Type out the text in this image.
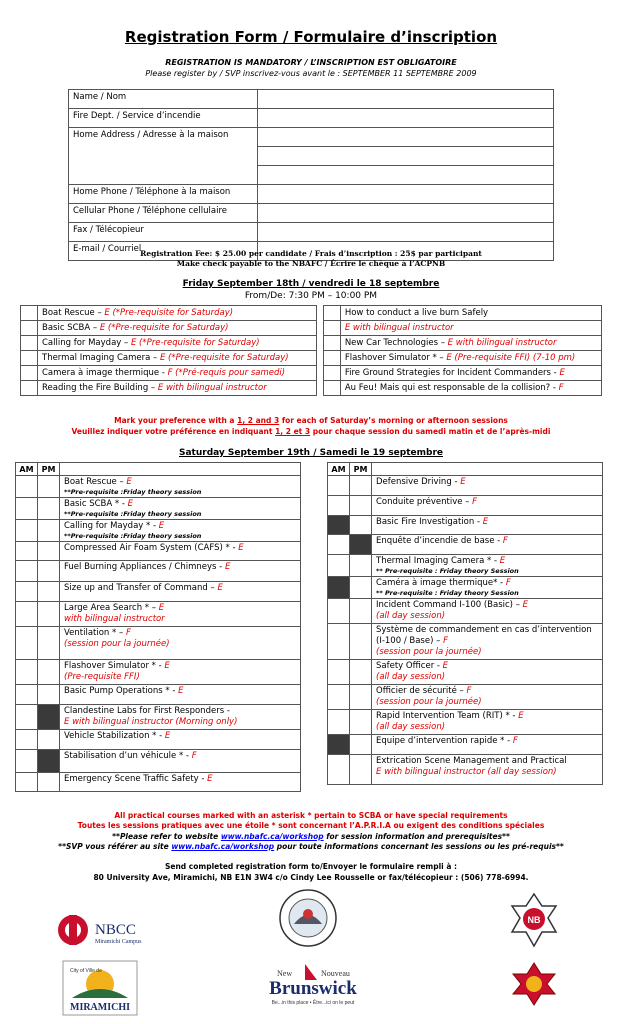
Registration Form / Formulaire d’inscription
REGISTRATION IS MANDATORY / L’INSCRIPTION EST OBLIGATOIRE
Please register by / SVP inscrivez-vous avant le : SEPTEMBER 11 SEPTEMBRE 2009
Name / Nom	
Fire Dept. / Service d’incendie	
Home Address / Adresse à la maison	

Home Phone / Téléphone à la maison	
Cellular Phone / Téléphone cellulaire	
Fax / Télécopieur	
E-mail / Courriel	
Registration Fee: $ 25.00 per candidate / Frais d’inscription : 25$ par participant
Make check payable to the NBAFC / Écrire le chèque à l’ACPNB
Friday September 18th / vendredi le 18 septembre
From/De: 7:30 PM – 10:00 PM
	Boat Rescue – E (*Pre-requisite for Saturday)			How to conduct a live burn Safely
	Basic SCBA – E (*Pre-requisite for Saturday)			E with bilingual instructor
	Calling for Mayday – E (*Pre-requisite for Saturday)			New Car Technologies – E with bilingual instructor
	Thermal Imaging Camera – E (*Pre-requisite for Saturday)			Flashover Simulator * – E (Pre-requisite FFI) (7-10 pm)
	Camera à image thermique - F (*Pré-requis pour samedi)			Fire Ground Strategies for Incident Commanders - E
	Reading the Fire Building – E with bilingual instructor			Au Feu! Mais qui est responsable de la collision? - F
Mark your preference with a 1, 2 and 3 for each of Saturday’s morning or afternoon sessions
Veuillez indiquer votre préférence en indiquant 1, 2 et 3 pour chaque session du samedi matin et de l’après-midi
Saturday September 19th / Samedi le 19 septembre
AM	PM	
		Boat Rescue – E
**Pre-requisite :Friday theory session

		Basic SCBA * - E
**Pre-requisite :Friday theory session

		Calling for Mayday * - E
**Pre-requisite :Friday theory session

		Compressed Air Foam System (CAFS) * - E
		Fuel Burning Appliances / Chimneys - E
		Size up and Transfer of Command – E
		Large Area Search * – E
with bilingual instructor

		Ventilation * – F
(session pour la journée)

		Flashover Simulator * - E
(Pre-requisite FFI)

		Basic Pump Operations * - E
		Clandestine Labs for First Responders -
E with bilingual instructor (Morning only)

		Vehicle Stabilization * - E
		Stabilisation d’un véhicule * - F
		Emergency Scene Traffic Safety - E
AM	PM	
		Defensive Driving - E
		Conduite préventive – F
		Basic Fire Investigation - E
		Enquête d’incendie de base - F
		Thermal Imaging Camera * - E
** Pre-requisite : Friday theory Session

		Caméra à image thermique* - F
** Pre-requisite : Friday theory Session

		Incident Command I-100 (Basic) – E
(all day session)

		Système de commandement en cas d’intervention (I-100 / Base) – F
(session pour la journée)

		Safety Officer - E
(all day session)

		Officier de sécurité – F
(session pour la journée)

		Rapid Intervention Team (RIT) * - E
(all day session)

		Equipe d’intervention rapide * - F
		Extrication Scene Management and Practical
E with bilingual instructor (all day session)
All practical courses marked with an asterisk * pertain to SCBA or have special requirements
Toutes les sessions pratiques avec une étoile * sont concernant l’A.P.R.I.A ou exigent des conditions spéciales
**Please refer to website www.nbafc.ca/workshop for session information and prerequisites**
**SVP vous référer au site www.nbafc.ca/workshop pour toute informations concernant les sessions ou les pré-requis**
Send completed registration form to/Envoyer le formulaire rempli à :
80 University Ave, Miramichi, NB E1N 3W4 c/o Cindy Lee Rousselle or fax/télécopieur : (506) 778-6994.
NBCC
Miramichi Campus
NB
City of Ville de
MIRAMICHI
New	Nouveau
Brunswick
Be...in this place • Être...ici on le peut
